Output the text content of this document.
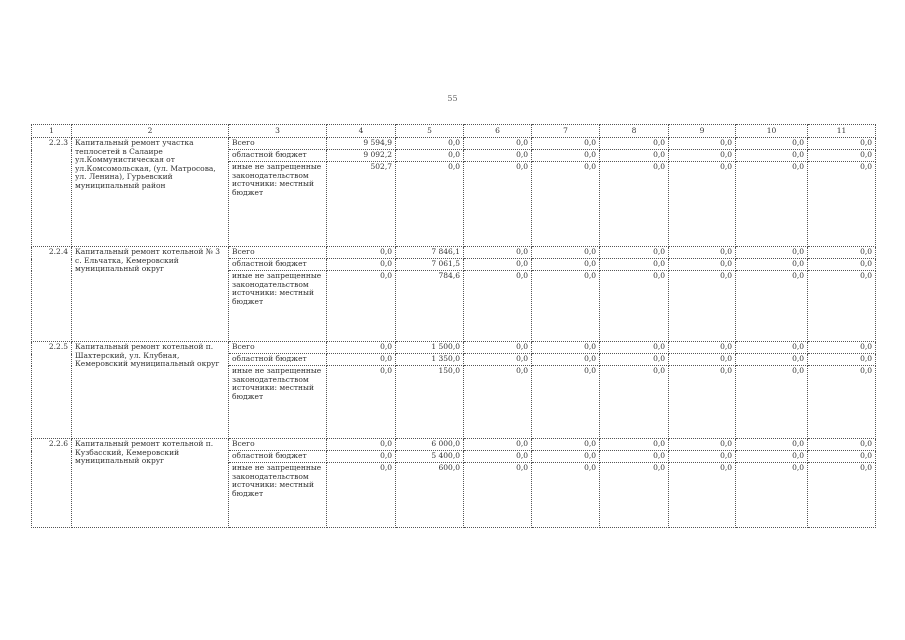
55
1	2	3	4	5	6	7	8	9	10	11
2.2.3	Капитальный ремонт участка теплосетей в Салаире ул.Коммунистическая от ул.Комсомольская, (ул. Матросова, ул. Ленина), Гурьевский муниципальный район	Всего	9 594,9	0,0	0,0	0,0	0,0	0,0	0,0	0,0
		областной бюджет	9 092,2	0,0	0,0	0,0	0,0	0,0	0,0	0,0
		иные не запрещенные законодательством источники: местный бюджет	502,7	0,0	0,0	0,0	0,0	0,0	0,0	0,0
2.2.4	Капитальный ремонт котельной № 3 с. Ельчатка, Кемеровский муниципальный округ	Всего	0,0	7 846,1	0,0	0,0	0,0	0,0	0,0	0,0
		областной бюджет	0,0	7 061,5	0,0	0,0	0,0	0,0	0,0	0,0
		иные не запрещенные законодательством источники: местный бюджет	0,0	784,6	0,0	0,0	0,0	0,0	0,0	0,0
2.2.5	Капитальный ремонт котельной п. Шахтерский, ул. Клубная, Кемеровский муниципальный округ	Всего	0,0	1 500,0	0,0	0,0	0,0	0,0	0,0	0,0
		областной бюджет	0,0	1 350,0	0,0	0,0	0,0	0,0	0,0	0,0
		иные не запрещенные законодательством источники: местный бюджет	0,0	150,0	0,0	0,0	0,0	0,0	0,0	0,0
2.2.6	Капитальный ремонт котельной п. Кузбасский, Кемеровский муниципальный округ	Всего	0,0	6 000,0	0,0	0,0	0,0	0,0	0,0	0,0
		областной бюджет	0,0	5 400,0	0,0	0,0	0,0	0,0	0,0	0,0
		иные не запрещенные законодательством источники: местный бюджет	0,0	600,0	0,0	0,0	0,0	0,0	0,0	0,0
